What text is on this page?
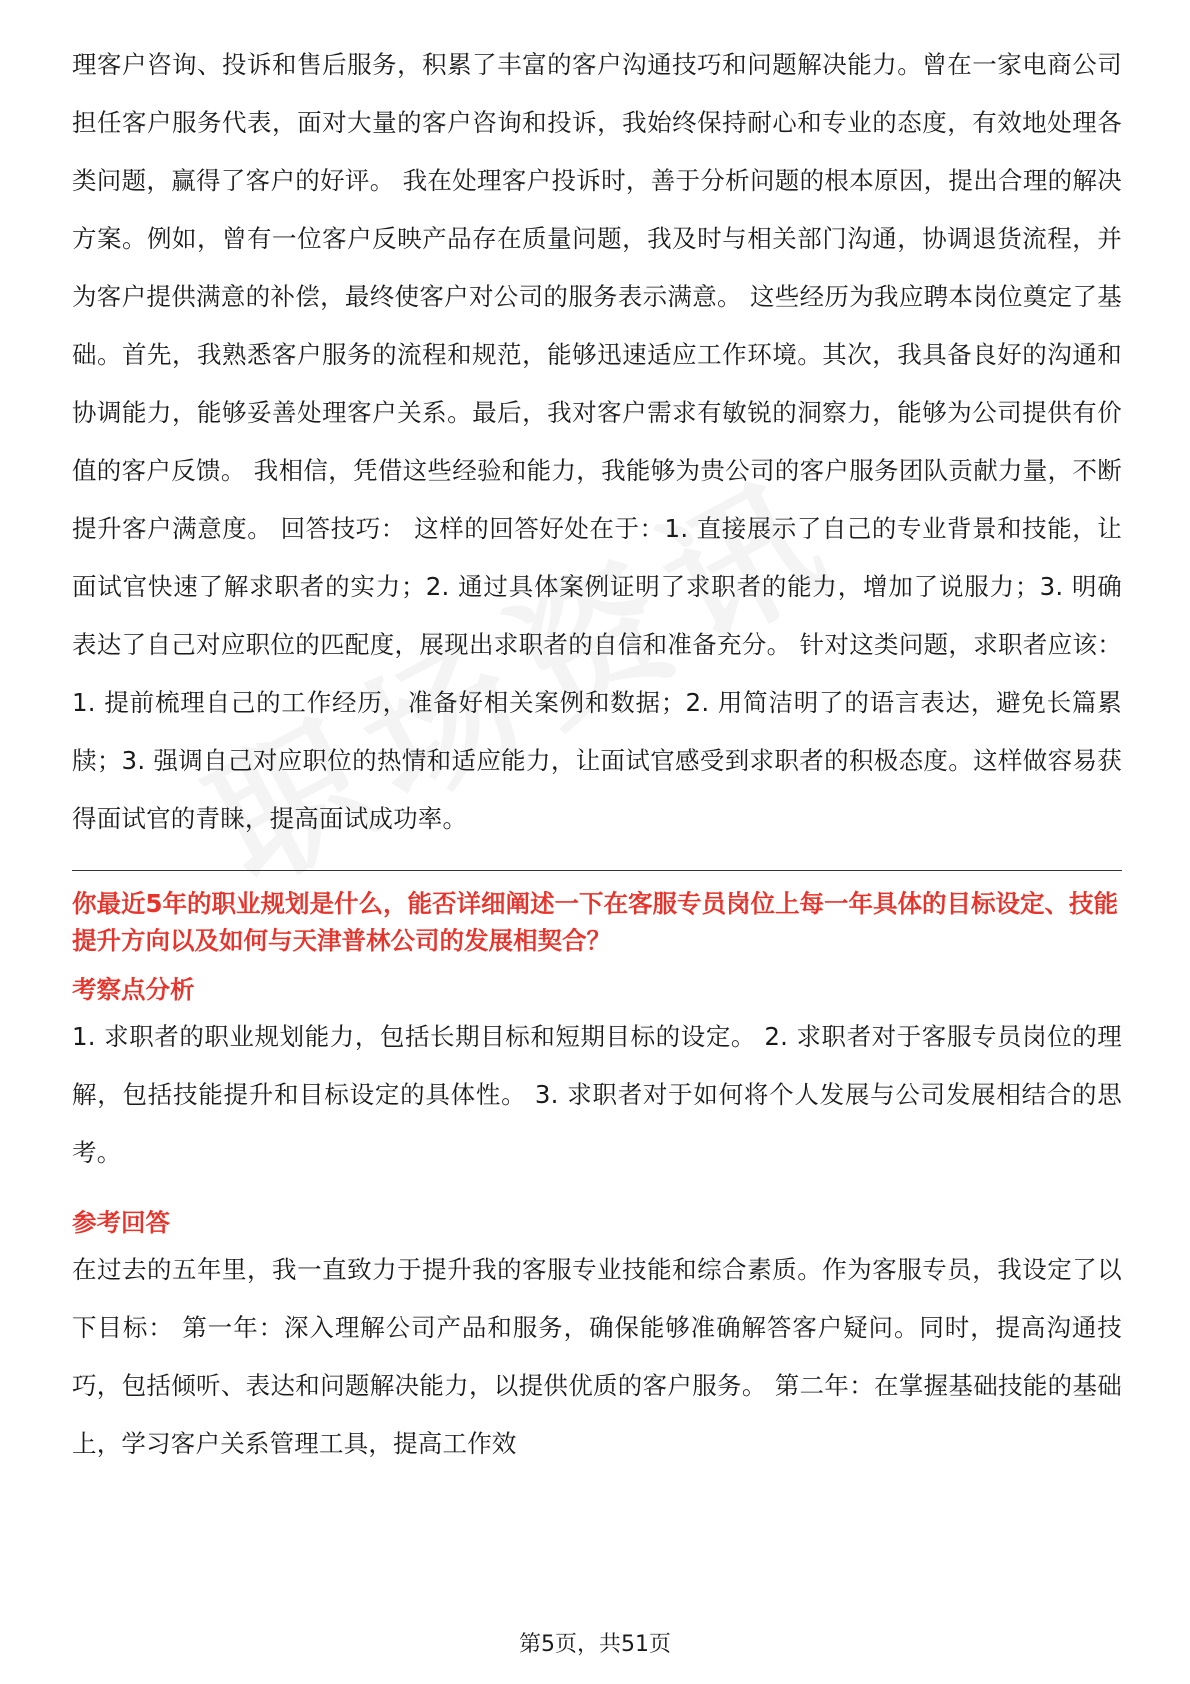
理客户咨询、投诉和售后服务，积累了丰富的客户沟通技巧和问题解决能力。曾在一家电商公司担任客户服务代表，面对大量的客户咨询和投诉，我始终保持耐心和专业的态度，有效地处理各类问题，赢得了客户的好评。 我在处理客户投诉时，善于分析问题的根本原因，提出合理的解决方案。例如，曾有一位客户反映产品存在质量问题，我及时与相关部门沟通，协调退货流程，并为客户提供满意的补偿，最终使客户对公司的服务表示满意。 这些经历为我应聘本岗位奠定了基础。首先，我熟悉客户服务的流程和规范，能够迅速适应工作环境。其次，我具备良好的沟通和协调能力，能够妥善处理客户关系。最后，我对客户需求有敏锐的洞察力，能够为公司提供有价值的客户反馈。 我相信，凭借这些经验和能力，我能够为贵公司的客户服务团队贡献力量，不断提升客户满意度。 回答技巧： 这样的回答好处在于：1. 直接展示了自己的专业背景和技能，让面试官快速了解求职者的实力；2. 通过具体案例证明了求职者的能力，增加了说服力；3. 明确表达了自己对应职位的匹配度，展现出求职者的自信和准备充分。 针对这类问题，求职者应该：1. 提前梳理自己的工作经历，准备好相关案例和数据；2. 用简洁明了的语言表达，避免长篇累牍；3. 强调自己对应职位的热情和适应能力，让面试官感受到求职者的积极态度。这样做容易获得面试官的青睐，提高面试成功率。

你最近5年的职业规划是什么，能否详细阐述一下在客服专员岗位上每一年具体的目标设定、技能提升方向以及如何与天津普林公司的发展相契合？

考察点分析

1. 求职者的职业规划能力，包括长期目标和短期目标的设定。 2. 求职者对于客服专员岗位的理解，包括技能提升和目标设定的具体性。 3. 求职者对于如何将个人发展与公司发展相结合的思考。

参考回答

在过去的五年里，我一直致力于提升我的客服专业技能和综合素质。作为客服专员，我设定了以下目标： 第一年：深入理解公司产品和服务，确保能够准确解答客户疑问。同时，提高沟通技巧，包括倾听、表达和问题解决能力，以提供优质的客户服务。 第二年：在掌握基础技能的基础上，学习客户关系管理工具，提高工作效

第5页，共51页
